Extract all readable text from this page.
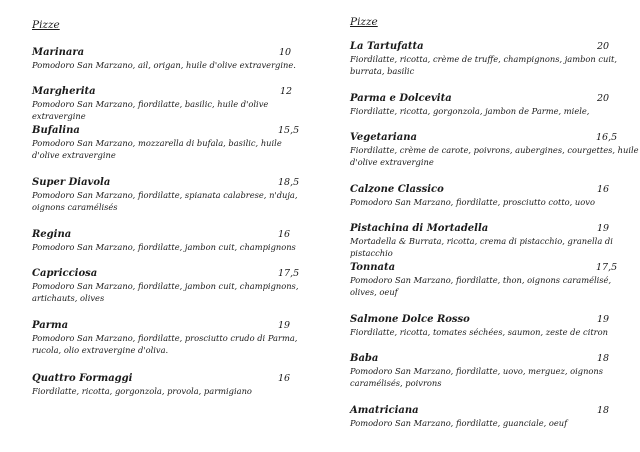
Pizze
Marinara	10
Pomodoro San Marzano, ail, origan, huile d'olive extravergine.
Margherita	12
Pomodoro San Marzano, fiordilatte, basilic, huile d'olive extravergine
Bufalina	15,5
Pomodoro San Marzano, mozzarella di bufala, basilic, huile d'olive extravergine
Super Diavola	18,5
Pomodoro San Marzano, fiordilatte, spianata calabrese, n'duja, oignons caramélisés
Regina	16
Pomodoro San Marzano, fiordilatte, jambon cuit, champignons
Capricciosa	17,5
Pomodoro San Marzano, fiordilatte, jambon cuit, champignons, artichauts, olives
Parma	19
Pomodoro San Marzano, fiordilatte, prosciutto crudo di Parma, rucola, olio extravergine d'oliva.
Quattro Formaggi	16
Fiordilatte, ricotta, gorgonzola, provola, parmigiano
Pizze
La Tartufatta	20
Fiordilatte, ricotta, crème de truffe, champignons, jambon cuit, burrata, basilic
Parma e Dolcevita	20
Fiordilatte, ricotta, gorgonzola, jambon de Parme, miele,
Vegetariana	16,5
Fiordilatte, crème de carote, poivrons, aubergines, courgettes, huile d'olive extravergine
Calzone Classico	16
Pomodoro San Marzano, fiordilatte, prosciutto cotto, uovo
Pistachina di Mortadella	19
Mortadella & Burrata, ricotta, crema di pistacchio, granella di pistacchio
Tonnata	17,5
Pomodoro San Marzano, fiordilatte, thon, oignons caramélisé, olives, oeuf
Salmone Dolce Rosso	19
Fiordilatte, ricotta, tomates séchées, saumon, zeste de citron
Baba	18
Pomodoro San Marzano, fiordilatte, uovo, merguez, oignons caramélisés, poivrons
Amatriciana	18
Pomodoro San Marzano, fiordilatte, guanciale, oeuf
